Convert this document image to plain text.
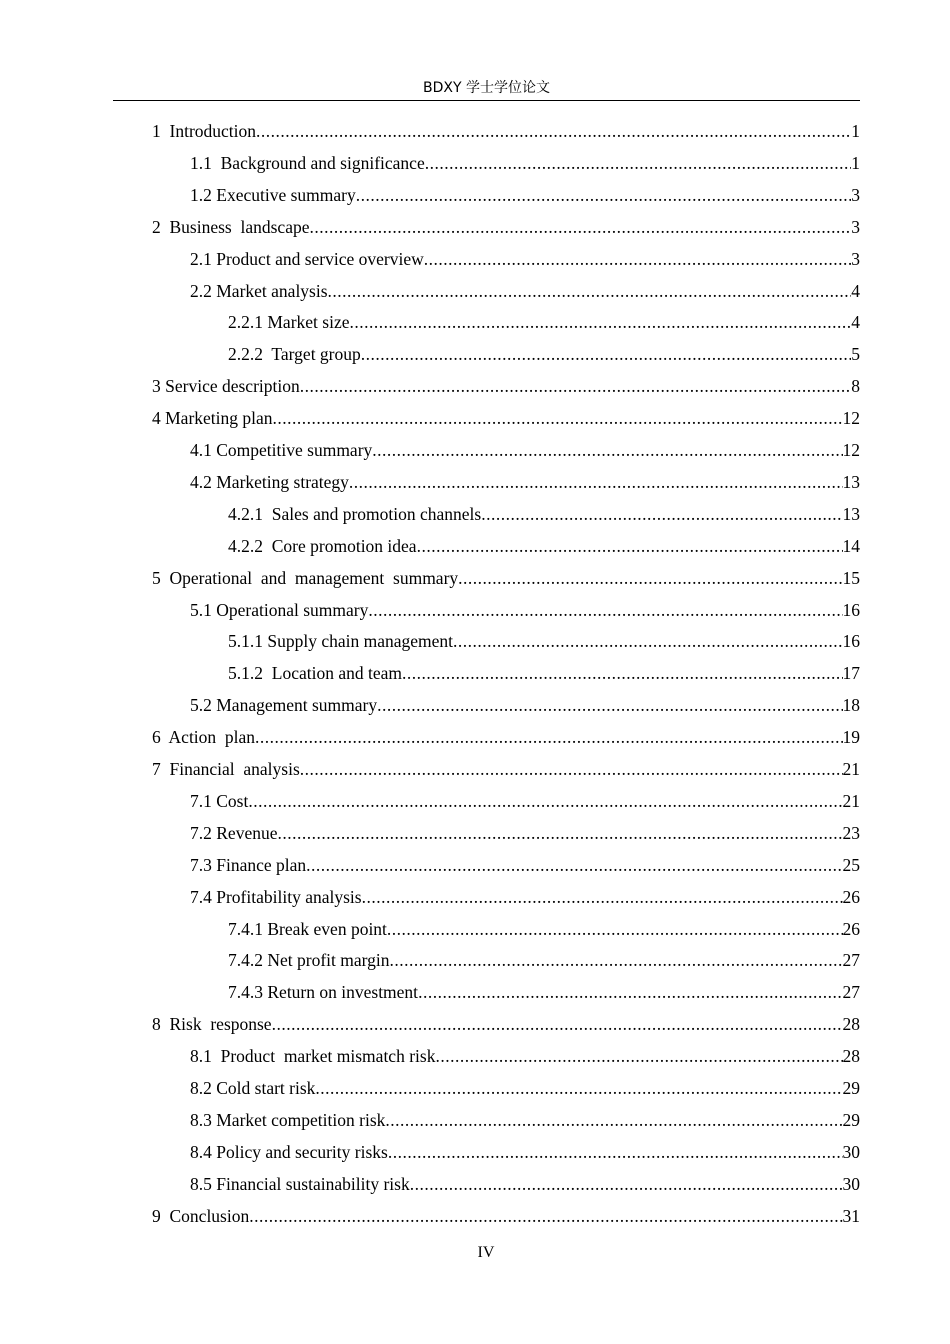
BDXY 学士学位论文
1  Introduction .....	1
1.1  Background and significance .....	1
1.2 Executive summary .....	3
2  Business  landscape .....	3
2.1 Product and service overview .....	3
2.2 Market analysis .....	4
2.2.1 Market size .....	4
2.2.2  Target group .....	5
3 Service description .....	8
4 Marketing plan .....	12
4.1 Competitive summary .....	12
4.2 Marketing strategy .....	13
4.2.1  Sales and promotion channels .....	13
4.2.2  Core promotion idea .....	14
5  Operational  and  management  summary .....	15
5.1 Operational summary .....	16
5.1.1 Supply chain management .....	16
5.1.2  Location and team .....	17
5.2 Management summary .....	18
6  Action  plan .....	19
7  Financial  analysis .....	21
7.1 Cost .....	21
7.2 Revenue .....	23
7.3 Finance plan .....	25
7.4 Profitability analysis .....	26
7.4.1 Break even point .....	26
7.4.2 Net profit margin .....	27
7.4.3 Return on investment .....	27
8  Risk  response .....	28
8.1  Product  market mismatch risk .....	28
8.2 Cold start risk .....	29
8.3 Market competition risk .....	29
8.4 Policy and security risks .....	30
8.5 Financial sustainability risk .....	30
9  Conclusion .....	31
IV
